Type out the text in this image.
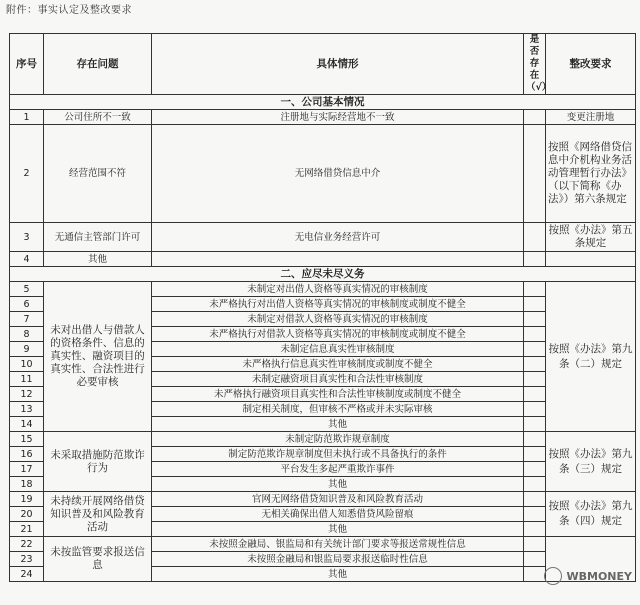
附件：事实认定及整改要求
序号	存在问题	具体情形	是否存在（√）	整改要求
一、公司基本情况				
1	公司住所不一致	注册地与实际经营地不一致		变更注册地
2	经营范围不符	无网络借贷信息中介		按照《网络借贷信息中介机构业务活动管理暂行办法》（以下简称《办法》）第六条规定
3	无通信主管部门许可	无电信业务经营许可		按照《办法》第五条规定
4	其他			
二、应尽未尽义务				
5	未对出借人与借款人的资格条件、信息的真实性、融资项目的真实性、合法性进行必要审核	未制定对出借人资格等真实情况的审核制度		按照《办法》第九条（二）规定
6		未严格执行对出借人资格等真实情况的审核制度或制度不健全		
7		未制定对借款人资格等真实情况的审核制度		
8		未严格执行对借款人资格等真实情况的审核制度或制度不健全		
9		未制定信息真实性审核制度		
10		未严格执行信息真实性审核制度或制度不健全		
11		未制定融资项目真实性和合法性审核制度		
12		未严格执行融资项目真实性和合法性审核制度或制度不健全		
13		制定相关制度，但审核不严格或并未实际审核		
14		其他		
15	未采取措施防范欺诈行为	未制定防范欺诈规章制度		按照《办法》第九条（三）规定
16		制定防范欺诈规章制度但未执行或不具备执行的条件		
17		平台发生多起严重欺诈事件		
18		其他		
19	未持续开展网络借贷知识普及和风险教育活动	官网无网络借贷知识普及和风险教育活动		按照《办法》第九条（四）规定
20		无相关确保出借人知悉借贷风险留痕		
21		其他		
22	未按监管要求报送信息	未按照金融局、银监局和有关统计部门要求等报送常规性信息		
23		未按照金融局和银监局要求报送临时性信息		
24		其他			WBMONEY
